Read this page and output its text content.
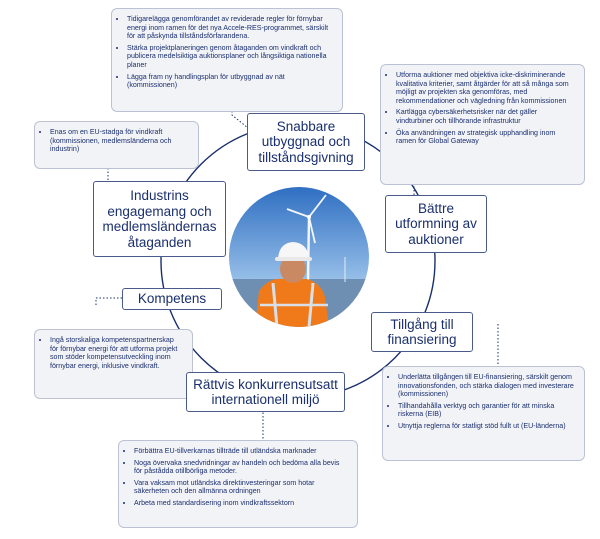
• Tidigarelägga genomförandet av reviderade regler för förnybar energi inom ramen för det nya Accele-RES-programmet, särskilt för att påskynda tillståndsförfarandena.
• Stärka projektplaneringen genom åtaganden om vindkraft och publicera medelsiktiga auktionsplaner och långsiktiga nationella planer
• Lägga fram ny handlingsplan för utbyggnad av nät (kommissionen)
• Utforma auktioner med objektiva icke-diskriminerande kvalitativa kriterier, samt åtgärder för att så många som möjligt av projekten ska genomföras, med rekommendationer och vägledning från kommissionen
• Kartlägga cybersäkerhetsrisker när det gäller vindturbiner och tillhörande infrastruktur
• Öka användningen av strategisk upphandling inom ramen för Global Gateway
• Enas om en EU-stadga för vindkraft (kommissionen, medlemsländerna och industrin)
• Ingå storskaliga kompetenspartnerskap för förnybar energi för att utforma projekt som stöder kompetensutveckling inom förnybar energi, inklusive vindkraft.
• Underlätta tillgången till EU-finansiering, särskilt genom innovationsfonden, och stärka dialogen med investerare (kommissionen)
• Tillhandahålla verktyg och garantier för att minska riskerna (EIB)
• Utnyttja reglerna för statligt stöd fullt ut (EU-länderna)
• Förbättra EU-tillverkarnas tillträde till utländska marknader
• Noga övervaka snedvridningar av handeln och bedöma alla bevis för påstådda otillbörliga metoder.
• Vara vaksam mot utländska direktinvesteringar som hotar säkerheten och den allmänna ordningen
• Arbeta med standardisering inom vindkraftssektorn
Snabbare utbyggnad och tillståndsgivning
Bättre utformning av auktioner
Industrins engagemang och medlemsländernas åtaganden
Kompetens
Tillgång till finansiering
Rättvis konkurrensutsatt internationell miljö
